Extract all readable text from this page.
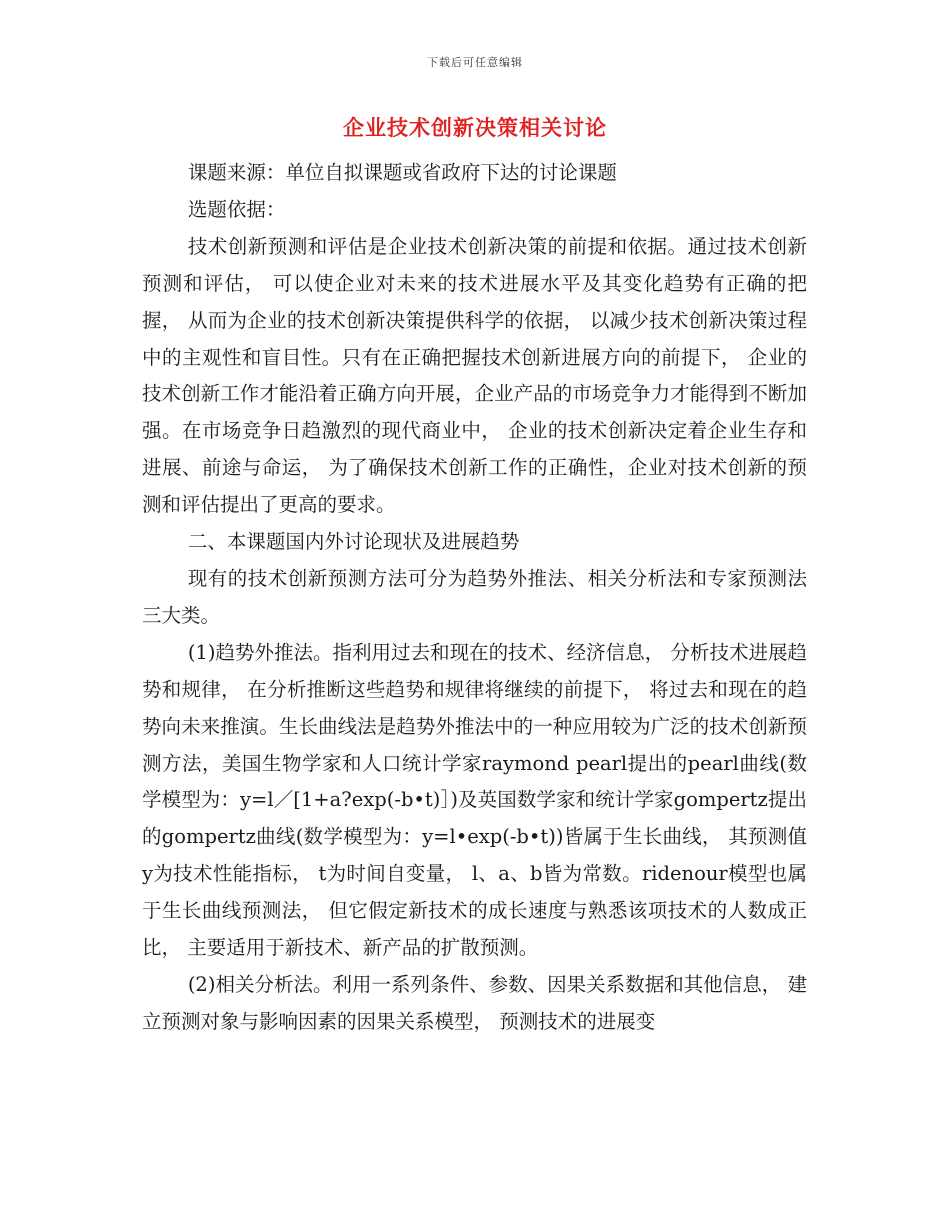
下载后可任意编辑
企业技术创新决策相关讨论

课题来源：单位自拟课题或省政府下达的讨论课题

选题依据：

技术创新预测和评估是企业技术创新决策的前提和依据。通过技术创新预测和评估， 可以使企业对未来的技术进展水平及其变化趋势有正确的把握， 从而为企业的技术创新决策提供科学的依据， 以减少技术创新决策过程中的主观性和盲目性。只有在正确把握技术创新进展方向的前提下， 企业的技术创新工作才能沿着正确方向开展，企业产品的市场竞争力才能得到不断加强。在市场竞争日趋激烈的现代商业中， 企业的技术创新决定着企业生存和进展、前途与命运， 为了确保技术创新工作的正确性，企业对技术创新的预测和评估提出了更高的要求。

二、本课题国内外讨论现状及进展趋势

现有的技术创新预测方法可分为趋势外推法、相关分析法和专家预测法三大类。

(1)趋势外推法。指利用过去和现在的技术、经济信息， 分析技术进展趋势和规律， 在分析推断这些趋势和规律将继续的前提下， 将过去和现在的趋势向未来推演。生长曲线法是趋势外推法中的一种应用较为广泛的技术创新预测方法，美国生物学家和人口统计学家raymond pearl提出的pearl曲线(数学模型为：y=l／[1+a?exp(-b•t)］)及英国数学家和统计学家gompertz提出的gompertz曲线(数学模型为：y=l•exp(-b•t))皆属于生长曲线， 其预测值y为技术性能指标， t为时间自变量， l、a、b皆为常数。ridenour模型也属于生长曲线预测法， 但它假定新技术的成长速度与熟悉该项技术的人数成正比， 主要适用于新技术、新产品的扩散预测。

(2)相关分析法。利用一系列条件、参数、因果关系数据和其他信息， 建立预测对象与影响因素的因果关系模型， 预测技术的进展变
